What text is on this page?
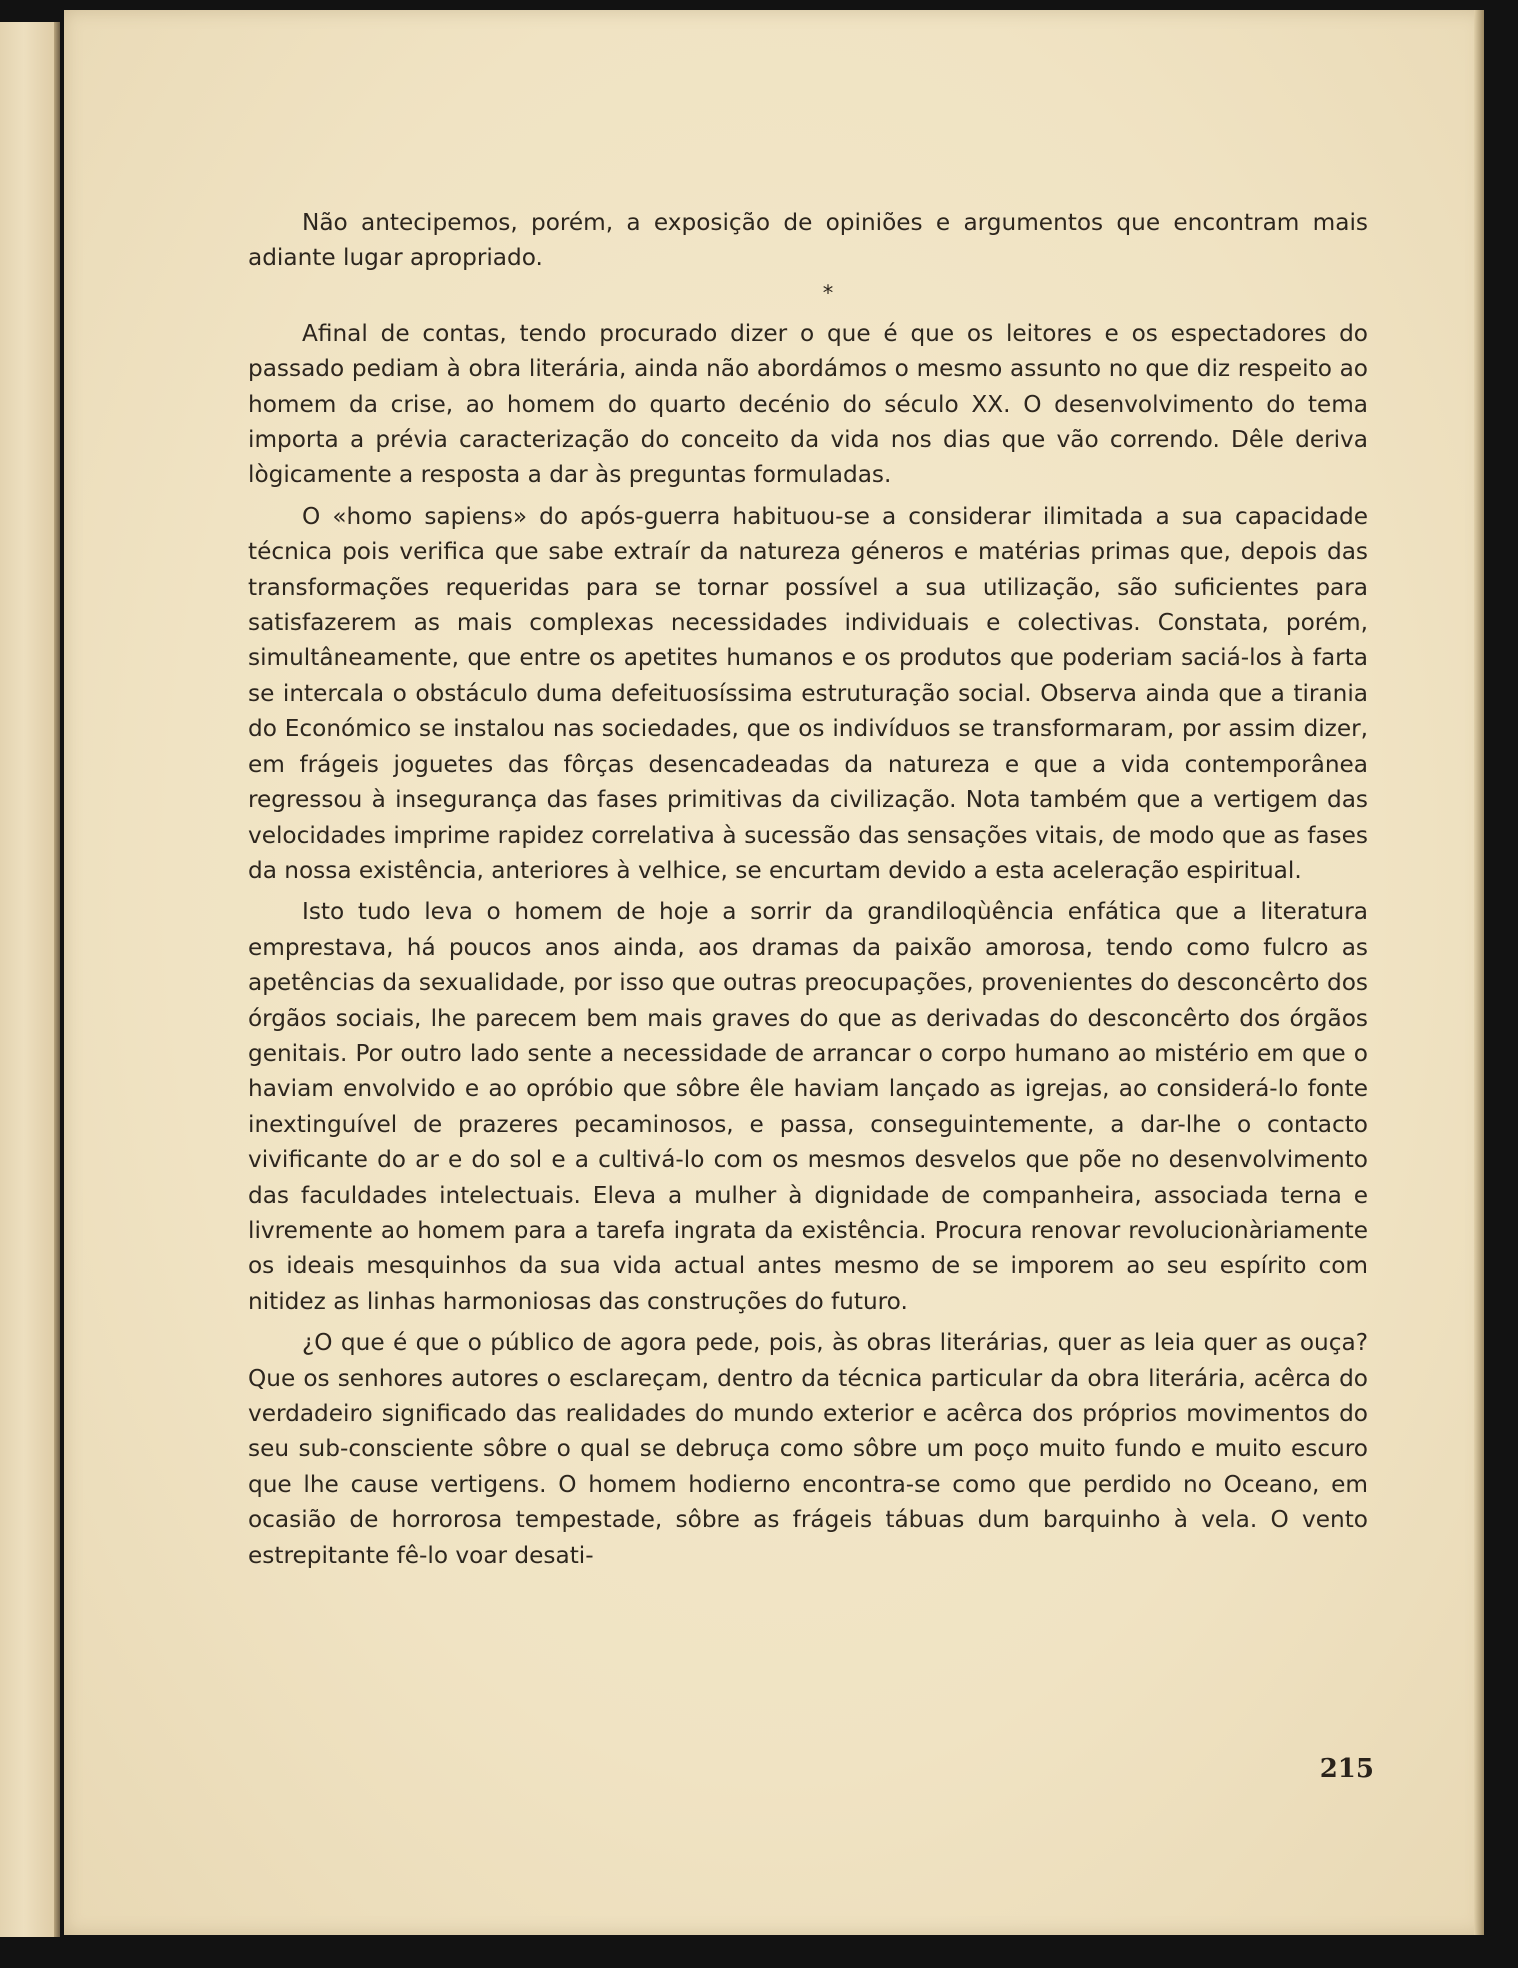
Não antecipemos, porém, a exposição de opiniões e argumentos que encontram mais adiante lugar apropriado.

*

Afinal de contas, tendo procurado dizer o que é que os leitores e os espectadores do passado pediam à obra literária, ainda não abordámos o mesmo assunto no que diz respeito ao homem da crise, ao homem do quarto decénio do século XX. O desenvolvimento do tema importa a prévia caracterização do conceito da vida nos dias que vão correndo. Dêle deriva lògicamente a resposta a dar às preguntas formuladas.

O «homo sapiens» do após-guerra habituou-se a considerar ilimitada a sua capacidade técnica pois verifica que sabe extraír da natureza géneros e matérias primas que, depois das transformações requeridas para se tornar possível a sua utilização, são suficientes para satisfazerem as mais complexas necessidades individuais e colectivas. Constata, porém, simultâneamente, que entre os apetites humanos e os produtos que poderiam saciá-los à farta se intercala o obstáculo duma defeituosíssima estruturação social. Observa ainda que a tirania do Económico se instalou nas sociedades, que os indivíduos se transformaram, por assim dizer, em frágeis joguetes das fôrças desencadeadas da natureza e que a vida contemporânea regressou à insegurança das fases primitivas da civilização. Nota também que a vertigem das velocidades imprime rapidez correlativa à sucessão das sensações vitais, de modo que as fases da nossa existência, anteriores à velhice, se encurtam devido a esta aceleração espiritual.

Isto tudo leva o homem de hoje a sorrir da grandiloqùência enfática que a literatura emprestava, há poucos anos ainda, aos dramas da paixão amorosa, tendo como fulcro as apetências da sexualidade, por isso que outras preocupações, provenientes do desconcêrto dos órgãos sociais, lhe parecem bem mais graves do que as derivadas do desconcêrto dos órgãos genitais. Por outro lado sente a necessidade de arrancar o corpo humano ao mistério em que o haviam envolvido e ao opróbio que sôbre êle haviam lançado as igrejas, ao considerá-lo fonte inextinguível de prazeres pecaminosos, e passa, conseguintemente, a dar-lhe o contacto vivificante do ar e do sol e a cultivá-lo com os mesmos desvelos que põe no desenvolvimento das faculdades intelectuais. Eleva a mulher à dignidade de companheira, associada terna e livremente ao homem para a tarefa ingrata da existência. Procura renovar revolucionàriamente os ideais mesquinhos da sua vida actual antes mesmo de se imporem ao seu espírito com nitidez as linhas harmoniosas das construções do futuro.

¿O que é que o público de agora pede, pois, às obras literárias, quer as leia quer as ouça? Que os senhores autores o esclareçam, dentro da técnica particular da obra literária, acêrca do verdadeiro significado das realidades do mundo exterior e acêrca dos próprios movimentos do seu sub-consciente sôbre o qual se debruça como sôbre um poço muito fundo e muito escuro que lhe cause vertigens. O homem hodierno encontra-se como que perdido no Oceano, em ocasião de horrorosa tempestade, sôbre as frágeis tábuas dum barquinho à vela. O vento estrepitante fê-lo voar desati-

215
